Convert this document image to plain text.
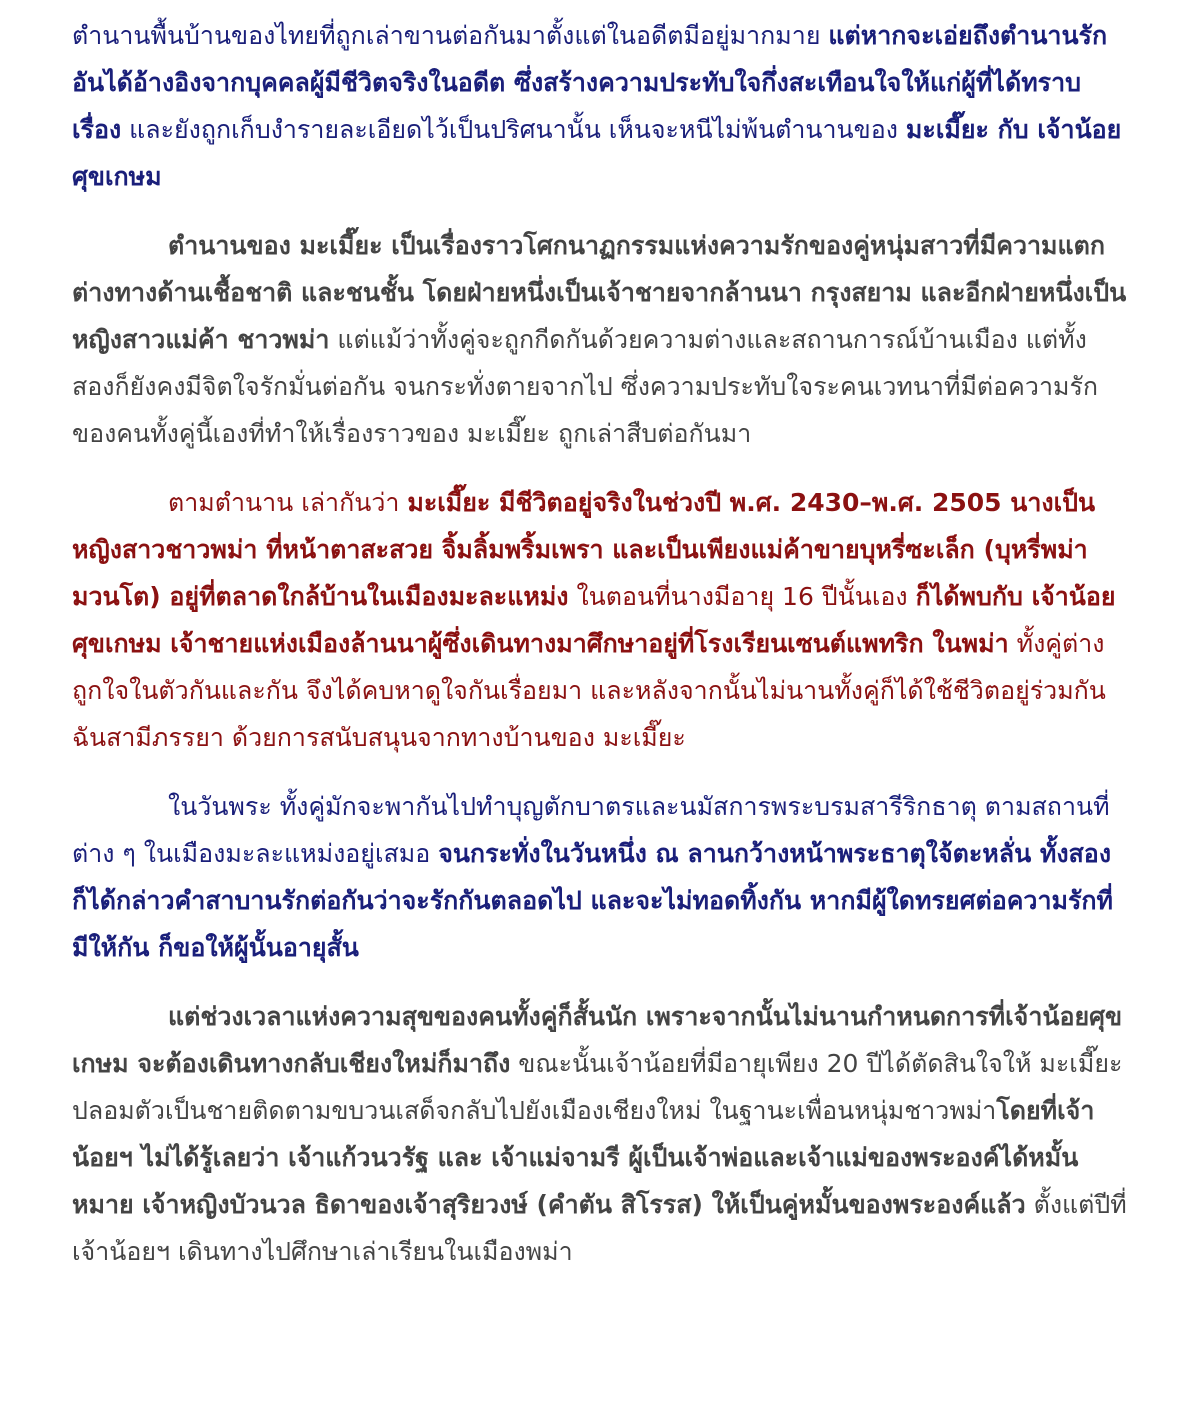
ตำนานพื้นบ้านของไทยที่ถูกเล่าขานต่อกันมาตั้งแต่ในอดีตมีอยู่มากมาย แต่หากจะเอ่ยถึงตำนานรักอันได้อ้างอิงจากบุคคลผู้มีชีวิตจริงในอดีต ซึ่งสร้างความประทับใจกึ่งสะเทือนใจให้แก่ผู้ที่ได้ทราบเรื่อง และยังถูกเก็บงำรายละเอียดไว้เป็นปริศนานั้น เห็นจะหนีไม่พ้นตำนานของ มะเมี๊ยะ กับ เจ้าน้อยศุขเกษม

ตำนานของ มะเมี๊ยะ เป็นเรื่องราวโศกนาฏกรรมแห่งความรักของคู่หนุ่มสาวที่มีความแตกต่างทางด้านเชื้อชาติ และชนชั้น โดยฝ่ายหนึ่งเป็นเจ้าชายจากล้านนา กรุงสยาม และอีกฝ่ายหนึ่งเป็นหญิงสาวแม่ค้า ชาวพม่า แต่แม้ว่าทั้งคู่จะถูกกีดกันด้วยความต่างและสถานการณ์บ้านเมือง แต่ทั้งสองก็ยังคงมีจิตใจรักมั่นต่อกัน จนกระทั่งตายจากไป ซึ่งความประทับใจระคนเวทนาที่มีต่อความรักของคนทั้งคู่นี้เองที่ทำให้เรื่องราวของ มะเมี๊ยะ ถูกเล่าสืบต่อกันมา

ตามตำนาน เล่ากันว่า มะเมี๊ยะ มีชีวิตอยู่จริงในช่วงปี พ.ศ. 2430–พ.ศ. 2505 นางเป็นหญิงสาวชาวพม่า ที่หน้าตาสะสวย จิ้มลิ้มพริ้มเพรา และเป็นเพียงแม่ค้าขายบุหรี่ซะเล็ก (บุหรี่พม่ามวนโต) อยู่ที่ตลาดใกล้บ้านในเมืองมะละแหม่ง ในตอนที่นางมีอายุ 16 ปีนั้นเอง ก็ได้พบกับ เจ้าน้อยศุขเกษม เจ้าชายแห่งเมืองล้านนาผู้ซึ่งเดินทางมาศึกษาอยู่ที่โรงเรียนเซนต์แพทริก ในพม่า ทั้งคู่ต่างถูกใจในตัวกันและกัน จึงได้คบหาดูใจกันเรื่อยมา และหลังจากนั้นไม่นานทั้งคู่ก็ได้ใช้ชีวิตอยู่ร่วมกันฉันสามีภรรยา ด้วยการสนับสนุนจากทางบ้านของ มะเมี๊ยะ

ในวันพระ ทั้งคู่มักจะพากันไปทำบุญตักบาตรและนมัสการพระบรมสารีริกธาตุ ตามสถานที่ต่าง ๆ ในเมืองมะละแหม่งอยู่เสมอ จนกระทั่งในวันหนึ่ง ณ ลานกว้างหน้าพระธาตุใจ้ตะหลั่น ทั้งสองก็ได้กล่าวคำสาบานรักต่อกันว่าจะรักกันตลอดไป และจะไม่ทอดทิ้งกัน หากมีผู้ใดทรยศต่อความรักที่มีให้กัน ก็ขอให้ผู้นั้นอายุสั้น

แต่ช่วงเวลาแห่งความสุขของคนทั้งคู่ก็สั้นนัก เพราะจากนั้นไม่นานกำหนดการที่เจ้าน้อยศุขเกษม จะต้องเดินทางกลับเชียงใหม่ก็มาถึง ขณะนั้นเจ้าน้อยที่มีอายุเพียง 20 ปีได้ตัดสินใจให้ มะเมี๊ยะ ปลอมตัวเป็นชายติดตามขบวนเสด็จกลับไปยังเมืองเชียงใหม่ ในฐานะเพื่อนหนุ่มชาวพม่าโดยที่เจ้าน้อยฯ ไม่ได้รู้เลยว่า เจ้าแก้วนวรัฐ และ เจ้าแม่จามรี ผู้เป็นเจ้าพ่อและเจ้าแม่ของพระองค์ได้หมั้นหมาย เจ้าหญิงบัวนวล ธิดาของเจ้าสุริยวงษ์ (คำตัน สิโรรส) ให้เป็นคู่หมั้นของพระองค์แล้ว ตั้งแต่ปีที่เจ้าน้อยฯ เดินทางไปศึกษาเล่าเรียนในเมืองพม่า
